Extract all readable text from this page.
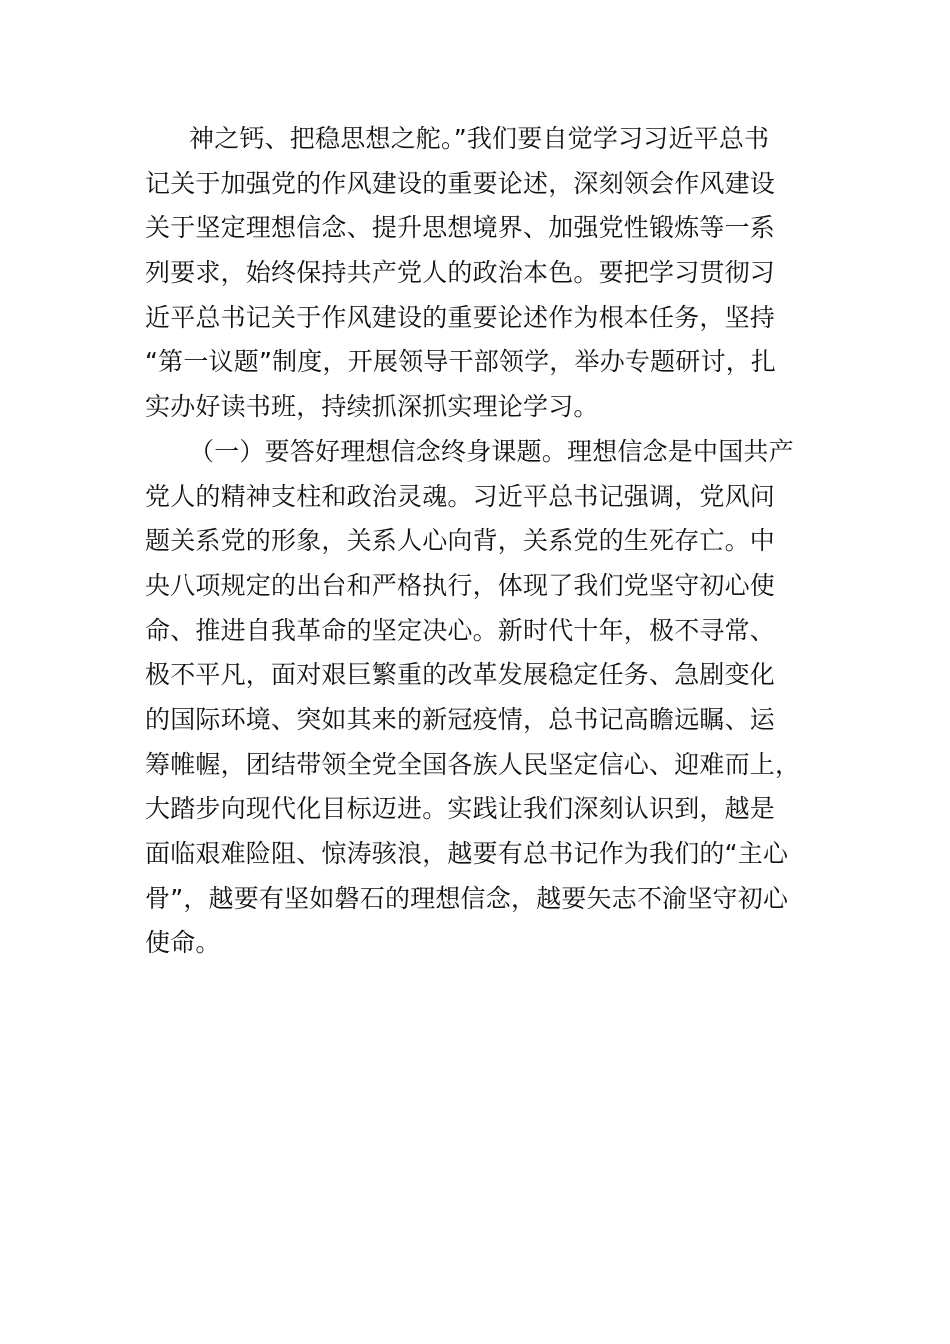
神之钙、把稳思想之舵。”我们要自觉学习习近平总书
记关于加强党的作风建设的重要论述，深刻领会作风建设
关于坚定理想信念、提升思想境界、加强党性锻炼等一系
列要求，始终保持共产党人的政治本色。要把学习贯彻习
近平总书记关于作风建设的重要论述作为根本任务，坚持
“第一议题”制度，开展领导干部领学，举办专题研讨，扎
实办好读书班，持续抓深抓实理论学习。
（一）要答好理想信念终身课题。理想信念是中国共产
党人的精神支柱和政治灵魂。习近平总书记强调，党风问
题关系党的形象，关系人心向背，关系党的生死存亡。中
央八项规定的出台和严格执行，体现了我们党坚守初心使
命、推进自我革命的坚定决心。新时代十年，极不寻常、
极不平凡，面对艰巨繁重的改革发展稳定任务、急剧变化
的国际环境、突如其来的新冠疫情，总书记高瞻远瞩、运
筹帷幄，团结带领全党全国各族人民坚定信心、迎难而上，
大踏步向现代化目标迈进。实践让我们深刻认识到，越是
面临艰难险阻、惊涛骇浪，越要有总书记作为我们的“主心
骨”，越要有坚如磐石的理想信念，越要矢志不渝坚守初心
使命。
